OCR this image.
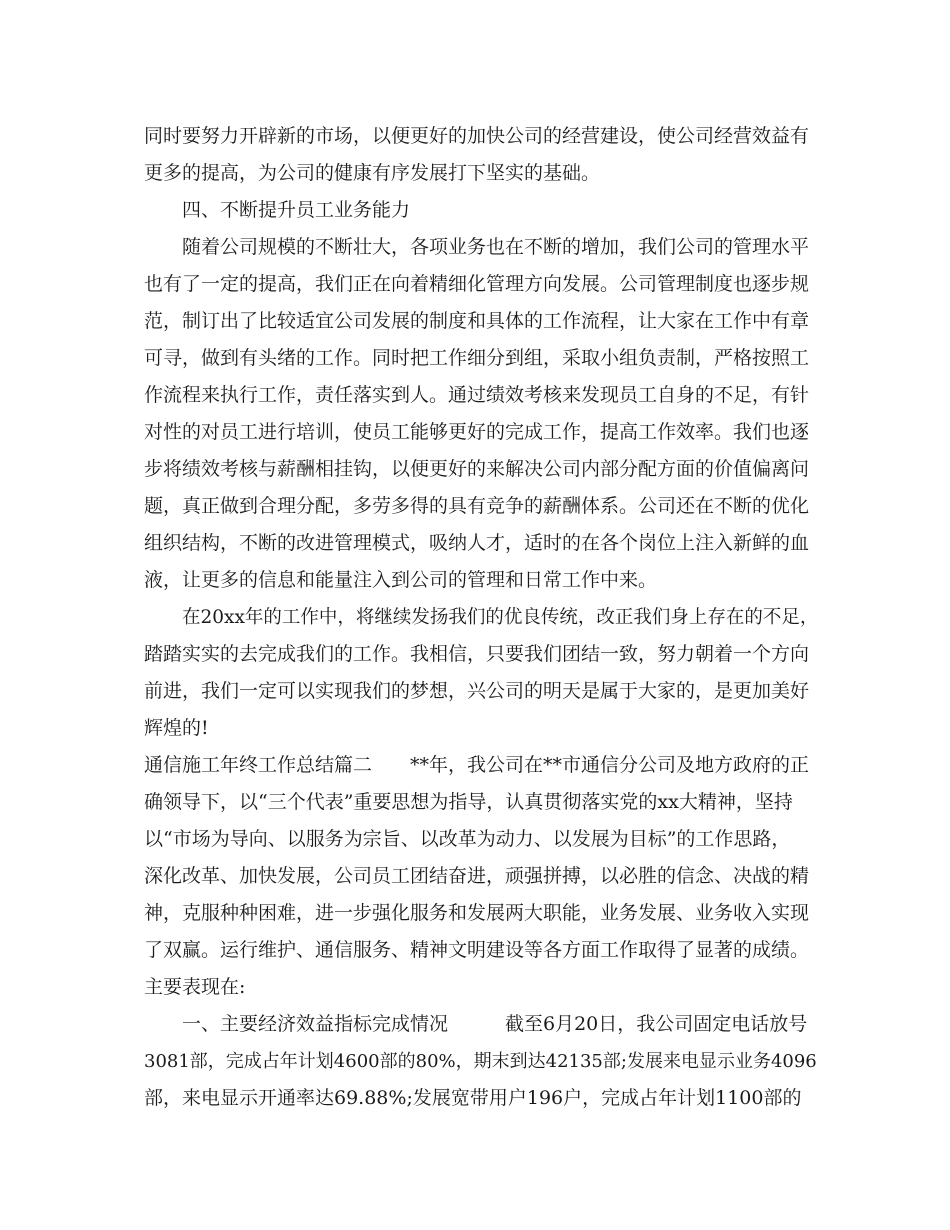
同时要努力开辟新的市场，以便更好的加快公司的经营建设，使公司经营效益有
更多的提高，为公司的健康有序发展打下坚实的基础。
四、不断提升员工业务能力
随着公司规模的不断壮大，各项业务也在不断的增加，我们公司的管理水平
也有了一定的提高，我们正在向着精细化管理方向发展。公司管理制度也逐步规
范，制订出了比较适宜公司发展的制度和具体的工作流程，让大家在工作中有章
可寻，做到有头绪的工作。同时把工作细分到组，采取小组负责制，严格按照工
作流程来执行工作，责任落实到人。通过绩效考核来发现员工自身的不足，有针
对性的对员工进行培训，使员工能够更好的完成工作，提高工作效率。我们也逐
步将绩效考核与薪酬相挂钩，以便更好的来解决公司内部分配方面的价值偏离问
题，真正做到合理分配，多劳多得的具有竞争的薪酬体系。公司还在不断的优化
组织结构，不断的改进管理模式，吸纳人才，适时的在各个岗位上注入新鲜的血
液，让更多的信息和能量注入到公司的管理和日常工作中来。
在20xx年的工作中，将继续发扬我们的优良传统，改正我们身上存在的不足，
踏踏实实的去完成我们的工作。我相信，只要我们团结一致，努力朝着一个方向
前进，我们一定可以实现我们的梦想，兴公司的明天是属于大家的，是更加美好
辉煌的!
通信施工年终工作总结篇二　　**年，我公司在**市通信分公司及地方政府的正
确领导下，以“三个代表”重要思想为指导，认真贯彻落实党的xx大精神，坚持
以“市场为导向、以服务为宗旨、以改革为动力、以发展为目标”的工作思路，
深化改革、加快发展，公司员工团结奋进，顽强拼搏，以必胜的信念、决战的精
神，克服种种困难，进一步强化服务和发展两大职能，业务发展、业务收入实现
了双赢。运行维护、通信服务、精神文明建设等各方面工作取得了显著的成绩。
主要表现在:
一、主要经济效益指标完成情况　　　截至6月20日，我公司固定电话放号
3081部，完成占年计划4600部的80%，期末到达42135部;发展来电显示业务4096
部，来电显示开通率达69.88%;发展宽带用户196户，完成占年计划1100部的
